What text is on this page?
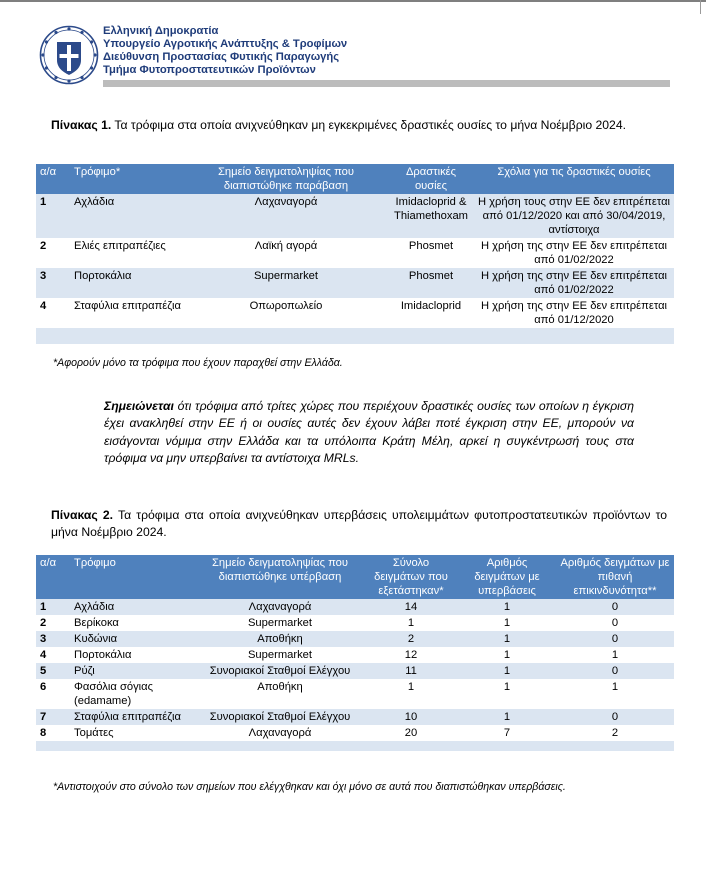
Ελληνική Δημοκρατία
Υπουργείο Αγροτικής Ανάπτυξης & Τροφίμων
Διεύθυνση Προστασίας Φυτικής Παραγωγής
Τμήμα Φυτοπροστατευτικών Προϊόντων
Πίνακας 1. Τα τρόφιμα στα οποία ανιχνεύθηκαν μη εγκεκριμένες δραστικές ουσίες το μήνα Νοέμβριο 2024.
α/α	Τρόφιμο*	Σημείο δειγματοληψίας που διαπιστώθηκε παράβαση	Δραστικές ουσίες	Σχόλια για τις δραστικές ουσίες
1	Αχλάδια	Λαχαναγορά	Imidacloprid & Thiamethoxam	Η χρήση τους στην ΕΕ δεν επιτρέπεται από 01/12/2020 και από 30/04/2019, αντίστοιχα
2	Ελιές επιτραπέζιες	Λαϊκή αγορά	Phosmet	Η χρήση της στην ΕΕ δεν επιτρέπεται από 01/02/2022
3	Πορτοκάλια	Supermarket	Phosmet	Η χρήση της στην ΕΕ δεν επιτρέπεται από 01/02/2022
4	Σταφύλια επιτραπέζια	Οπωροπωλείο	Imidacloprid	Η χρήση της στην ΕΕ δεν επιτρέπεται από 01/12/2020

*Αφορούν μόνο τα τρόφιμα που έχουν παραχθεί στην Ελλάδα.
Σημειώνεται ότι τρόφιμα από τρίτες χώρες που περιέχουν δραστικές ουσίες των οποίων η έγκριση έχει ανακληθεί στην ΕΕ ή οι ουσίες αυτές δεν έχουν λάβει ποτέ έγκριση στην ΕΕ, μπορούν να εισάγονται νόμιμα στην Ελλάδα και τα υπόλοιπα Κράτη Μέλη, αρκεί η συγκέντρωσή τους στα τρόφιμα να μην υπερβαίνει τα αντίστοιχα MRLs.
Πίνακας 2. Τα τρόφιμα στα οποία ανιχνεύθηκαν υπερβάσεις υπολειμμάτων φυτοπροστατευτικών προϊόντων το μήνα Νοέμβριο 2024.
α/α	Τρόφιμο	Σημείο δειγματοληψίας που διαπιστώθηκε υπέρβαση	Σύνολο δειγμάτων που εξετάστηκαν*	Αριθμός δειγμάτων με υπερβάσεις	Αριθμός δειγμάτων με πιθανή επικινδυνότητα**
1	Αχλάδια	Λαχαναγορά	14	1	0
2	Βερίκοκα	Supermarket	1	1	0
3	Κυδώνια	Αποθήκη	2	1	0
4	Πορτοκάλια	Supermarket	12	1	1
5	Ρύζι	Συνοριακοί Σταθμοί Ελέγχου	11	1	0
6	Φασόλια σόγιας (edamame)	Αποθήκη	1	1	1
7	Σταφύλια επιτραπέζια	Συνοριακοί Σταθμοί Ελέγχου	10	1	0
8	Τομάτες	Λαχαναγορά	20	7	2

*Αντιστοιχούν στο σύνολο των σημείων που ελέγχθηκαν και όχι μόνο σε αυτά που διαπιστώθηκαν υπερβάσεις.
